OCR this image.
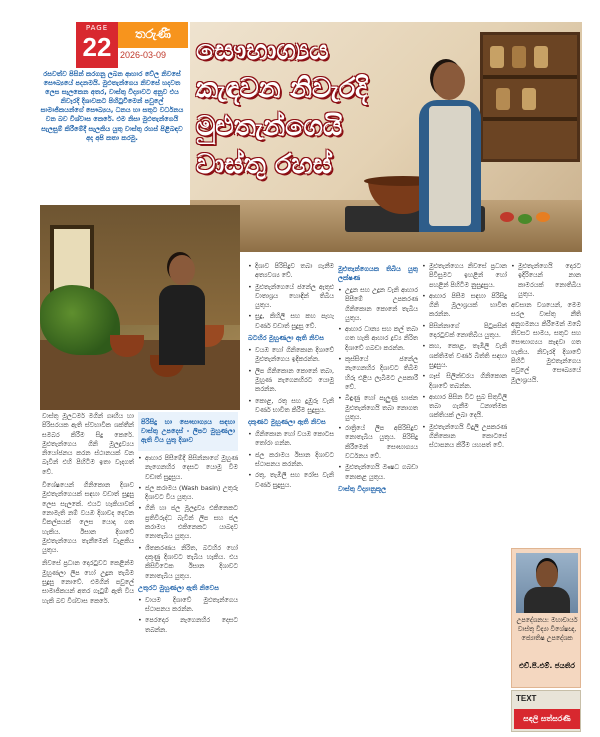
PAGE
22	තරුණී
2026-03-09 සෞභාග්‍යය
කැඳවන නිවැරදි
මුළුතැන්ගෙයි
වාස්තු රහස්

රසවත්ව පිසින් කරගනු ලබන ආහාර වේල නිවසේ සෞඛ්‍යයේ පදනමයි. මුළුතැන්ගෙය නිවසේ හදවත ලෙස සැලකෙන අතර, වාස්තු විද්‍යාවට අනුව එය නිවැරදි දිශාවකට පිහිටුවීමෙන් පවුලේ සාමාජිකයන්ගේ සෞඛ්‍යය, ධනය හා සතුට වර්ධනය වන බව විශ්වාස කෙරේ. එම නිසා මුළුතැන්ගෙයි සැලසුම් කිරීමේදී සැලකිය යුතු වාස්තු රහස් පිළිබඳව අද අපි කතා කරමු.

වාස්තු මූලධර්ම මගින් ගෘහීය හා පිරිසරයක ඇති ස්වභාවික ශක්තීන් සමබර කිරීම සිදු කෙරේ. මුළුතැන්ගෙය ගිනි මූලද්‍රව්‍යය නියෝජනය කරන ස්ථානයක් වන බැවින් එහි පිහිටීම ඉතා වැදගත් වේ.

විශේෂයෙන් ගිනිකොන දිශාව මුළුතැන්ගෙයක් සඳහා වඩාත් සුදුසු ලෙස සැලකේ. එයට හැකියාවක් නොමැති නම් වයඹ දිශාවද දෙවන විකල්පයක් ලෙස යොදා ගත හැකිය. ඊසාන දිශාවේ මුළුතැන්ගෙය තැනීමෙන් වැළකිය යුතුය.

නිවසේ ප්‍රධාන දොරටුවට කෙළින්ම මුහුණලා ලිප හෝ උදුන තැබීම සුදුසු නොවේ. එමගින් පවුලේ සාමාජිකයන් අතර ගැටුම් ඇති විය හැකි බව විශ්වාස කෙරේ.

පිරිසිදු හා සෞභාග්‍යය සඳහා වාස්තු උපදෙස් - ලිපට මුහුණලා ඇති විය යුතු දිශාව
• ආහාර පිසීමේදී පිසින්නාගේ මුහුණ නැගෙනහිර දෙසට යොමු වීම වඩාත් සුදුසුය.
• ජල කරාමය (Wash basin) උතුරු දිශාවට විය යුතුය.
• ගිනි හා ජල මූලද්‍රව්‍ය එකිනෙකට ප්‍රතිවිරුද්ධ බැවින් ලිප සහ ජල කරාමය එකිනෙකට යාබදව නොතැබිය යුතුය.
• ශීතකරණය නිරිත, බටහිර හෝ දකුණු දිශාවට තැබිය හැකිය. එය කිසිවිටෙක ඊසාන දිශාවට නොතැබිය යුතුය.
උතුරට මුහුණලා ඇති නිවෙස
• වායම දිශාවේ මුළුතැන්ගෙය ස්ථාපනය කරන්න.
• පෙරදොර නැගෙනහිර දෙසට තබන්න.
• දිශාව පිරිසිදුව තබා ගැනීම අත්‍යවශ්‍ය වේ.
• මුළුතැන්ගෙයේ ජනේල ඇතුළු වාතාශ්‍රය හොඳින් තිබිය යුතුය.
• සුදු, කිහිලි සහ කහ පැහැ වර්ණ වඩාත් සුදුසු වේ.
බටහිර මුහුණලා ඇති නිවස
• වයඹ හෝ ගිනිකොන දිශාවේ මුළුතැන්ගෙය ඉදිකරන්න.
• ලිප ගිනිකොන කොනේ තබා, මුහුණ නැගෙනහිරට යොමු කරන්න.
• කොළ, රතු සහ දුඹුරු වැනි වර්ණ භාවිත කිරීම සුදුසුය.
දකුණට මුහුණලා ඇති නිවස
• ගිනිකොන හෝ වයඹ කොටස තෝරා ගන්න.
• ජල කරාමය ඊසාන දිශාවට ස්ථාපනය කරන්න.
• රතු, තැඹිලි සහ රෝස වැනි වර්ණ සුදුසුය.
මුළුතැන්ගෙයක තිබිය යුතු ලක්ෂණ
• උදුන සහ උදුන වැනි ආහාර පිසීමේ උපකරණ ගිනිකොන කොනේ තැබිය යුතුය.
• ආහාර ධාන්‍ය සහ කල් තබා ගත හැකි ආහාර ද්‍රව්‍ය නිරිත දිශාවේ ගබඩා කරන්න.
• කුස්සියේ ජනේල නැගෙනහිර දිශාවට තිබීම හිරු එළිය ලැබීමට උපකාරී වේ.
• බිඳුණු හෝ පැලුණු භාජන මුළුතැන්ගෙයි තබා නොගත යුතුය.
• රාත්‍රියේ ලිප අපිරිසිදුව නොතැබිය යුතුය. පිරිසිදු කිරීමෙන් සෞභාග්‍යය වර්ධනය වේ.
• මුළුතැන්ගෙයි ඖෂධ ගබඩා නොකළ යුතුය.
වාස්තු විද්‍යානුකූල
• මුළුතැන්ගෙය නිවසේ ප්‍රධාන පිවිසුමට ඉහළින් හෝ පහළින් පිහිටීම නුසුදුසුය.
• ආහාර පිසීම සඳහා පිරිසිදු ගිනි මූලාශ්‍රයක් භාවිත කරන්න.
• පිසින්නාගේ පිටුපසින් දොරටුවක් නොතිබිය යුතුය.
• කහ, කොළ, තැඹිලි වැනි ශක්තිමත් වර්ණ බිත්ති සඳහා සුදුසුය.
• ගෑස් සිලින්ඩරය ගිනිකොන දිශාවේ තබන්න.
• ආහාර පිසින විට සුබ සිතුවිලි තබා ගැනීම ධනාත්මක ශක්තියක් ලබා දෙයි.
• මුළුතැන්ගෙයි විදුලි උපකරණ ගිනිකොන කොටසේ ස්ථාපනය කිරීම යහපත් වේ.
• මුළුතැන්ගෙයි දොරට ඉදිරියෙන් නාන කාමරයක් නොතිබිය යුතුය.

අවසාන වශයෙන්, මෙම සරල වාස්තු නීති අනුගමනය කිරීමෙන් ඔබේ නිවසට සාමය, සතුට සහ සෞභාග්‍යය කැඳවා ගත හැකිය. නිවැරදි දිශාවේ පිහිටි මුළුතැන්ගෙය පවුලේ සෞඛ්‍යයේ මූලාශ්‍රයයි.

උපදේශනය: මහාචාර්ය වාස්තු විද්‍යා විශේෂඥ, ජ්‍යොතිෂ උපදේශක
එච්.පී.එම්. ජයතිර
TEXT
සඳලි සත්සරණි
